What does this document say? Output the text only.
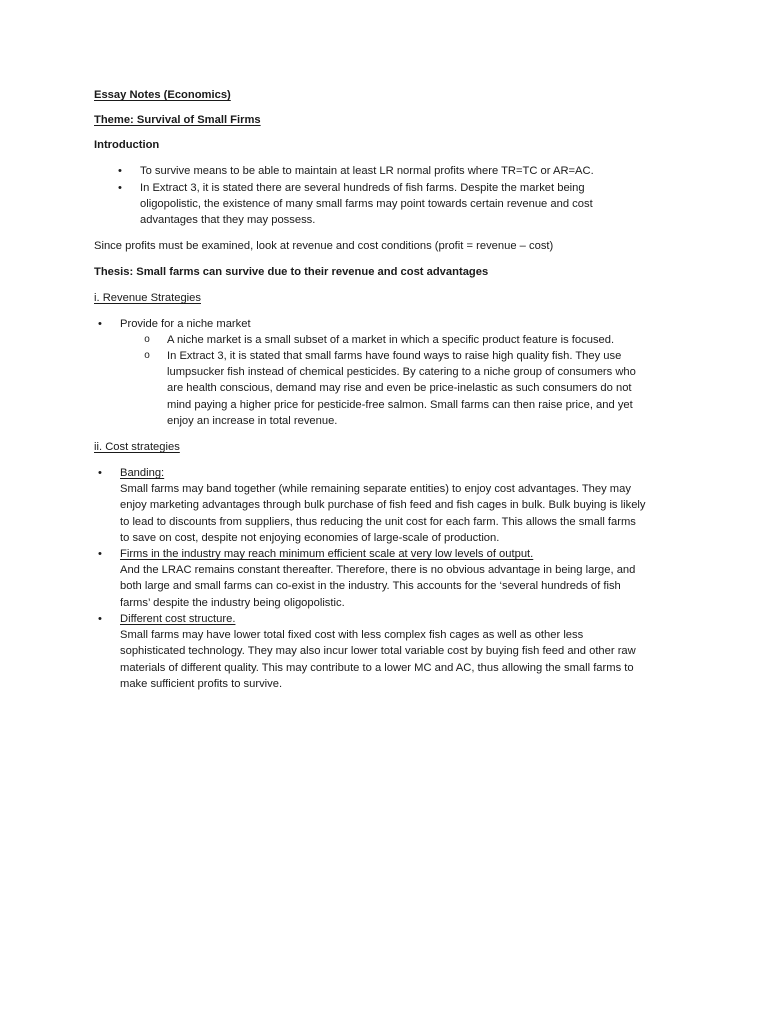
Essay Notes (Economics)
Theme: Survival of Small Firms
Introduction
• To survive means to be able to maintain at least LR normal profits where TR=TC or AR=AC.
• In Extract 3, it is stated there are several hundreds of fish farms. Despite the market being
oligopolistic, the existence of many small farms may point towards certain revenue and cost
advantages that they may possess.
Since profits must be examined, look at revenue and cost conditions (profit = revenue – cost)
Thesis: Small farms can survive due to their revenue and cost advantages
i. Revenue Strategies
• Provide for a niche market
o A niche market is a small subset of a market in which a specific product feature is focused.
o In Extract 3, it is stated that small farms have found ways to raise high quality fish. They use
lumpsucker fish instead of chemical pesticides. By catering to a niche group of consumers who
are health conscious, demand may rise and even be price-inelastic as such consumers do not
mind paying a higher price for pesticide-free salmon. Small farms can then raise price, and yet
enjoy an increase in total revenue.
ii. Cost strategies
• Banding:
Small farms may band together (while remaining separate entities) to enjoy cost advantages. They may
enjoy marketing advantages through bulk purchase of fish feed and fish cages in bulk. Bulk buying is likely
to lead to discounts from suppliers, thus reducing the unit cost for each farm. This allows the small farms
to save on cost, despite not enjoying economies of large-scale of production.
• Firms in the industry may reach minimum efficient scale at very low levels of output.
And the LRAC remains constant thereafter. Therefore, there is no obvious advantage in being large, and
both large and small farms can co-exist in the industry. This accounts for the ‘several hundreds of fish
farms’ despite the industry being oligopolistic.
• Different cost structure.
Small farms may have lower total fixed cost with less complex fish cages as well as other less
sophisticated technology. They may also incur lower total variable cost by buying fish feed and other raw
materials of different quality. This may contribute to a lower MC and AC, thus allowing the small farms to
make sufficient profits to survive.
